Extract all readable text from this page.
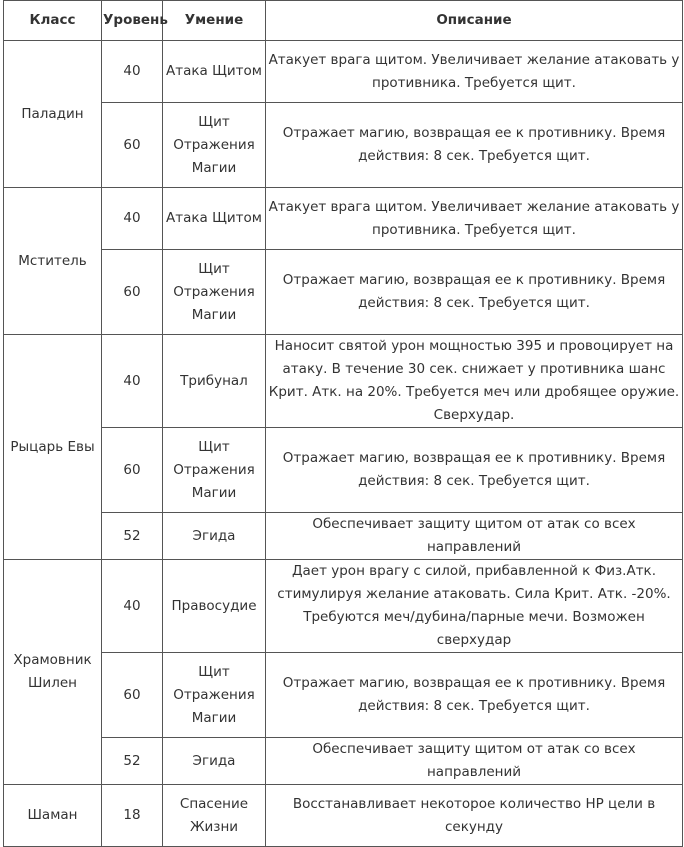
Класс	Уровень	Умение	Описание
Паладин	40	Атака Щитом	Атакует врага щитом. Увеличивает желание атаковать у противника. Требуется щит.
	60	Щит Отражения Магии	Отражает магию, возвращая ее к противнику. Время действия: 8 сек. Требуется щит.
Мститель	40	Атака Щитом	Атакует врага щитом. Увеличивает желание атаковать у противника. Требуется щит.
	60	Щит Отражения Магии	Отражает магию, возвращая ее к противнику. Время действия: 8 сек. Требуется щит.
Рыцарь Евы	40	Трибунал	Наносит святой урон мощностью 395 и провоцирует на атаку. В течение 30 сек. снижает у противника шанс Крит. Атк. на 20%. Требуется меч или дробящее оружие. Сверхудар.
	60	Щит Отражения Магии	Отражает магию, возвращая ее к противнику. Время действия: 8 сек. Требуется щит.
	52	Эгида	Обеспечивает защиту щитом от атак со всех направлений
Храмовник Шилен	40	Правосудие	Дает урон врагу с силой, прибавленной к Физ.Атк. стимулируя желание атаковать. Сила Крит. Атк. -20%. Требуются меч/дубина/парные мечи. Возможен сверхудар
	60	Щит Отражения Магии	Отражает магию, возвращая ее к противнику. Время действия: 8 сек. Требуется щит.
	52	Эгида	Обеспечивает защиту щитом от атак со всех направлений
Шаман	18	Спасение Жизни	Восстанавливает некоторое количество HP цели в секунду
